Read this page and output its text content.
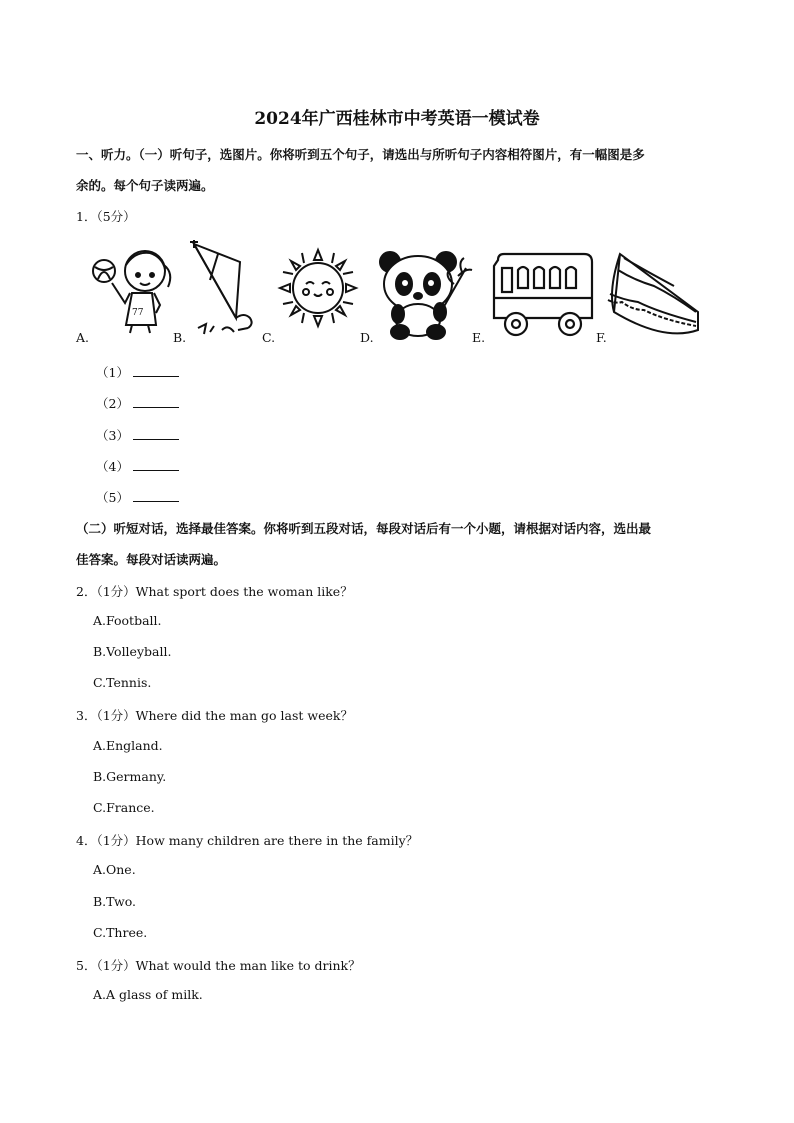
2024年广西桂林市中考英语一模试卷
一、听力。（一）听句子，选图片。你将听到五个句子，请选出与所听句子内容相符图片，有一幅图是多
余的。每个句子读两遍。
1．（5分）
A.
77
B.	C.	D.	E.	F.
（1）
（2）
（3）
（4）
（5）
（二）听短对话，选择最佳答案。你将听到五段对话，每段对话后有一个小题，请根据对话内容，选出最
佳答案。每段对话读两遍。
2．（1分）What sport does the woman like？
A.Football.
B.Volleyball.
C.Tennis.
3．（1分）Where did the man go last week？
A.England.
B.Germany.
C.France.
4．（1分）How many children are there in the family？
A.One.
B.Two.
C.Three.
5．（1分）What would the man like to drink？
A.A glass of milk.
